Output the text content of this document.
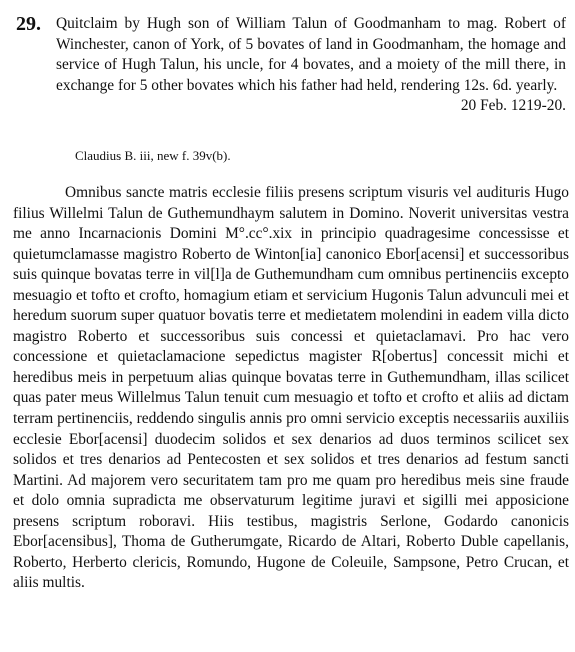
29. Quitclaim by Hugh son of William Talun of Goodmanham to mag. Robert of Winchester, canon of York, of 5 bovates of land in Goodmanham, the homage and service of Hugh Talun, his uncle, for 4 bovates, and a moiety of the mill there, in exchange for 5 other bovates which his father had held, rendering 12s. 6d. yearly.
20 Feb. 1219-20.
Claudius B. iii, new f. 39v(b).

Omnibus sancte matris ecclesie filiis presens scriptum visuris vel audituris Hugo filius Willelmi Talun de Guthemundhaym salutem in Domino. Noverit universitas vestra me anno Incarnacionis Domini M°.cc°.xix in principio quadragesime concessisse et quietumclamasse magistro Roberto de Winton[ia] canonico Ebor[acensi] et successoribus suis quinque bovatas terre in vil[l]a de Guthemundham cum omnibus pertinenciis excepto mesuagio et tofto et crofto, homagium etiam et servicium Hugonis Talun advunculi mei et heredum suorum super quatuor bovatis terre et medietatem molendini in eadem villa dicto magistro Roberto et successoribus suis concessi et quietaclamavi. Pro hac vero concessione et quietaclamacione sepedictus magister R[obertus] concessit michi et heredibus meis in perpetuum alias quinque bovatas terre in Guthemundham, illas scilicet quas pater meus Willelmus Talun tenuit cum mesuagio et tofto et crofto et aliis ad dictam terram pertinenciis, reddendo singulis annis pro omni servicio exceptis necessariis auxiliis ecclesie Ebor[acensi] duodecim solidos et sex denarios ad duos terminos scilicet sex solidos et tres denarios ad Pentecosten et sex solidos et tres denarios ad festum sancti Martini. Ad majorem vero securitatem tam pro me quam pro heredibus meis sine fraude et dolo omnia supradicta me observaturum legitime juravi et sigilli mei apposicione presens scriptum roboravi. Hiis testibus, magistris Serlone, Godardo canonicis Ebor[acensibus], Thoma de Gutherumgate, Ricardo de Altari, Roberto Duble capellanis, Roberto, Herberto clericis, Romundo, Hugone de Coleuile, Sampsone, Petro Crucan, et aliis multis.
